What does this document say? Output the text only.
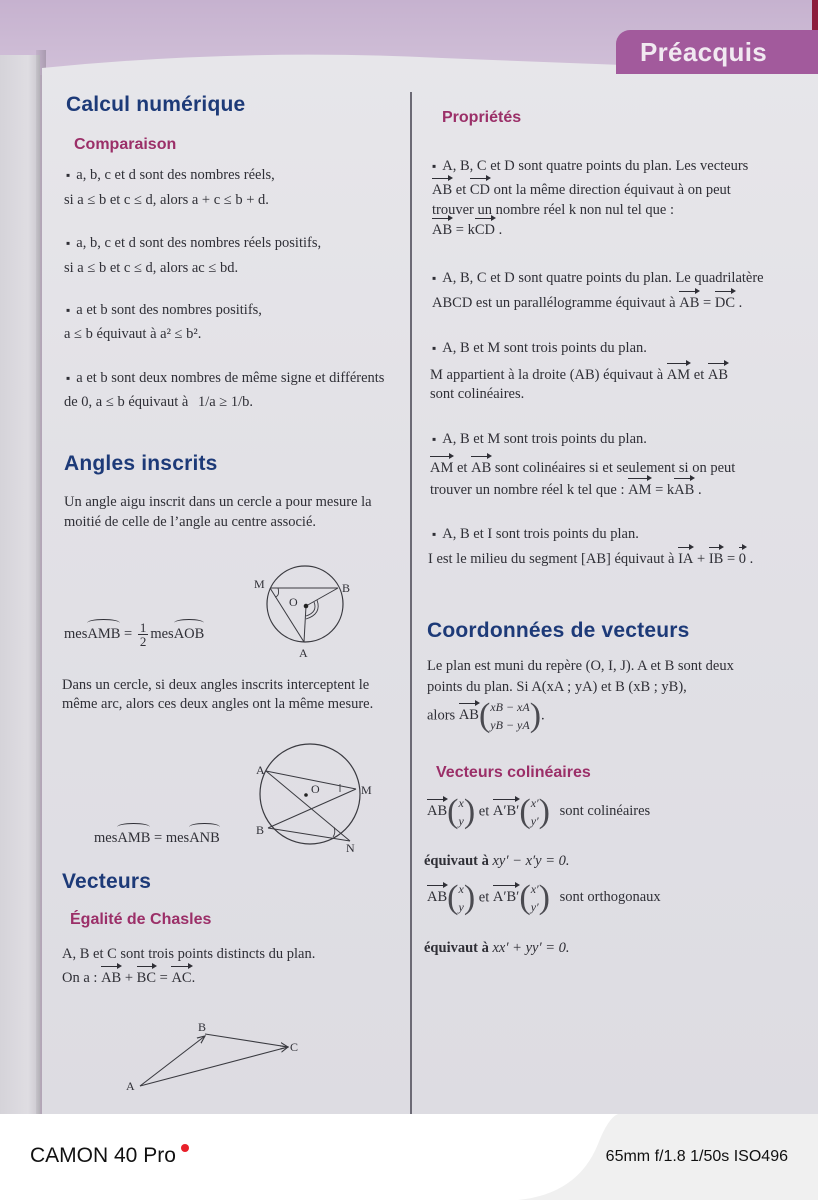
Préacquis
Calcul numérique
Comparaison
▪ a, b, c et d sont des nombres réels,
si a ≤ b et c ≤ d, alors a + c ≤ b + d.
▪ a, b, c et d sont des nombres réels positifs,
si a ≤ b et c ≤ d, alors ac ≤ bd.
▪ a et b sont des nombres positifs,
a ≤ b équivaut à a² ≤ b².
▪ a et b sont deux nombres de même signe et différents
de 0, a ≤ b équivaut à 1/a ≥ 1/b.
Angles inscrits
Un angle aigu inscrit dans un cercle a pour mesure la
moitié de celle de l’angle au centre associé.
mesAMB = $\frac{1}{2}$ mesAOB
M
O
B
A
Dans un cercle, si deux angles inscrits interceptent le
même arc, alors ces deux angles ont la même mesure.
mesAMB = mesANB
A
O	M
B
N
Vecteurs
Égalité de Chasles
A, B et C sont trois points distincts du plan.
On a : AB + BC = AC.
B
C
A
Propriétés
▪ A, B, C et D sont quatre points du plan. Les vecteurs
AB et CD ont la même direction équivaut à on peut
trouver un nombre réel k non nul tel que :
AB = kCD .
▪ A, B, C et D sont quatre points du plan. Le quadrilatère
ABCD est un parallélogramme équivaut à AB = DC .
▪ A, B et M sont trois points du plan.
M appartient à la droite (AB) équivaut à AM et AB
sont colinéaires.
▪ A, B et M sont trois points du plan.
AM et AB sont colinéaires si et seulement si on peut
trouver un nombre réel k tel que : AM = kAB .
▪ A, B et I sont trois points du plan.
I est le milieu du segment [AB] équivaut à IA + IB = 0 .
Coordonnées de vecteurs
Le plan est muni du repère (O, I, J). A et B sont deux
points du plan. Si A(xA ; yA) et B (xB ; yB),
alors AB ( xB − xA
yB − yA ) .
Vecteurs colinéaires
AB ( x
y ) et A′B′ ( x′
y′ ) sont colinéaires
équivaut à xy′ − x′y = 0.
AB ( x
y ) et A′B′ ( x′
y′ ) sont orthogonaux
équivaut à xx′ + yy′ = 0.
CAMON 40 Pro	65mm f/1.8 1/50s ISO496
